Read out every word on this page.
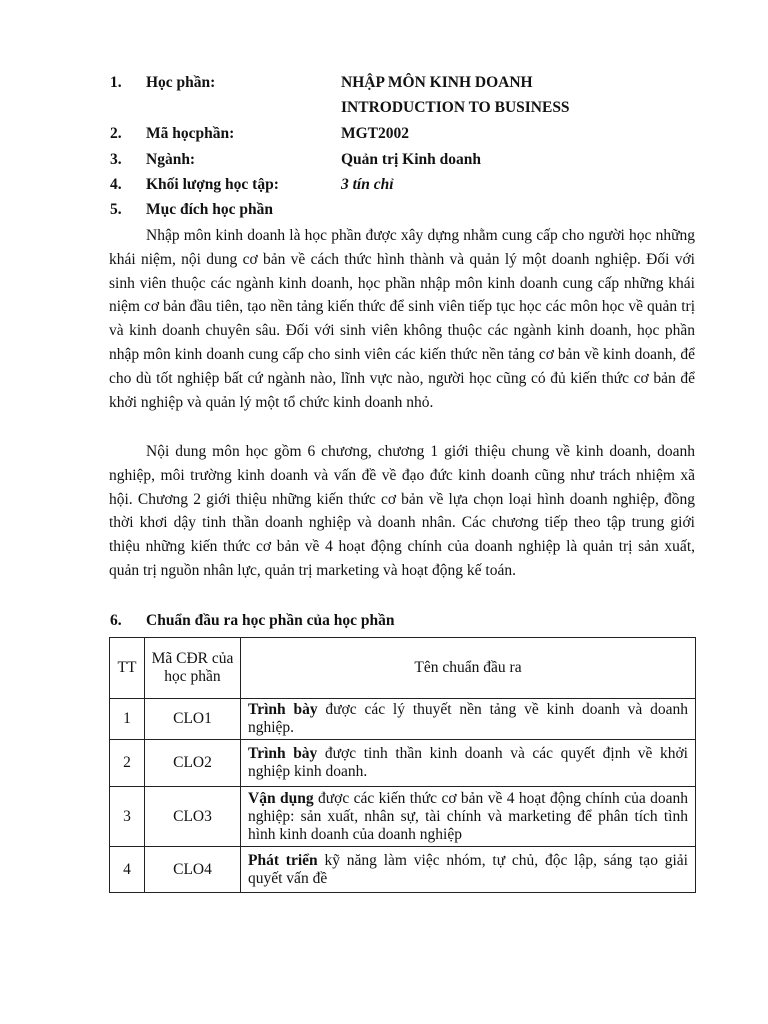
1. Học phần:	NHẬP MÔN KINH DOANH
INTRODUCTION TO BUSINESS
2. Mã họcphần:	MGT2002
3. Ngành:	Quản trị Kinh doanh
4. Khối lượng học tập:	3 tín chỉ
5. Mục đích học phần

Nhập môn kinh doanh là học phần được xây dựng nhằm cung cấp cho người học những khái niệm, nội dung cơ bản về cách thức hình thành và quản lý một doanh nghiệp. Đối với sinh viên thuộc các ngành kinh doanh, học phần nhập môn kinh doanh cung cấp những khái niệm cơ bản đầu tiên, tạo nền tảng kiến thức để sinh viên tiếp tục học các môn học về quản trị và kinh doanh chuyên sâu. Đối với sinh viên không thuộc các ngành kinh doanh, học phần nhập môn kinh doanh cung cấp cho sinh viên các kiến thức nền tảng cơ bản về kinh doanh, để cho dù tốt nghiệp bất cứ ngành nào, lĩnh vực nào, người học cũng có đủ kiến thức cơ bản để khởi nghiệp và quản lý một tổ chức kinh doanh nhỏ.

Nội dung môn học gồm 6 chương, chương 1 giới thiệu chung về kinh doanh, doanh nghiệp, môi trường kinh doanh và vấn đề về đạo đức kinh doanh cũng như trách nhiệm xã hội. Chương 2 giới thiệu những kiến thức cơ bản về lựa chọn loại hình doanh nghiệp, đồng thời khơi dậy tinh thần doanh nghiệp và doanh nhân. Các chương tiếp theo tập trung giới thiệu những kiến thức cơ bản về 4 hoạt động chính của doanh nghiệp là quản trị sản xuất, quản trị nguồn nhân lực, quản trị marketing và hoạt động kế toán.

6. Chuẩn đầu ra học phần của học phần
TT	Mã CĐR của học phần	Tên chuẩn đầu ra
1	CLO1	Trình bày được các lý thuyết nền tảng về kinh doanh và doanh nghiệp.
2	CLO2	Trình bày được tinh thần kinh doanh và các quyết định về khởi nghiệp kinh doanh.
3	CLO3	Vận dụng được các kiến thức cơ bản về 4 hoạt động chính của doanh nghiệp: sản xuất, nhân sự, tài chính và marketing để phân tích tình hình kinh doanh của doanh nghiệp
4	CLO4	Phát triển kỹ năng làm việc nhóm, tự chủ, độc lập, sáng tạo giải quyết vấn đề
